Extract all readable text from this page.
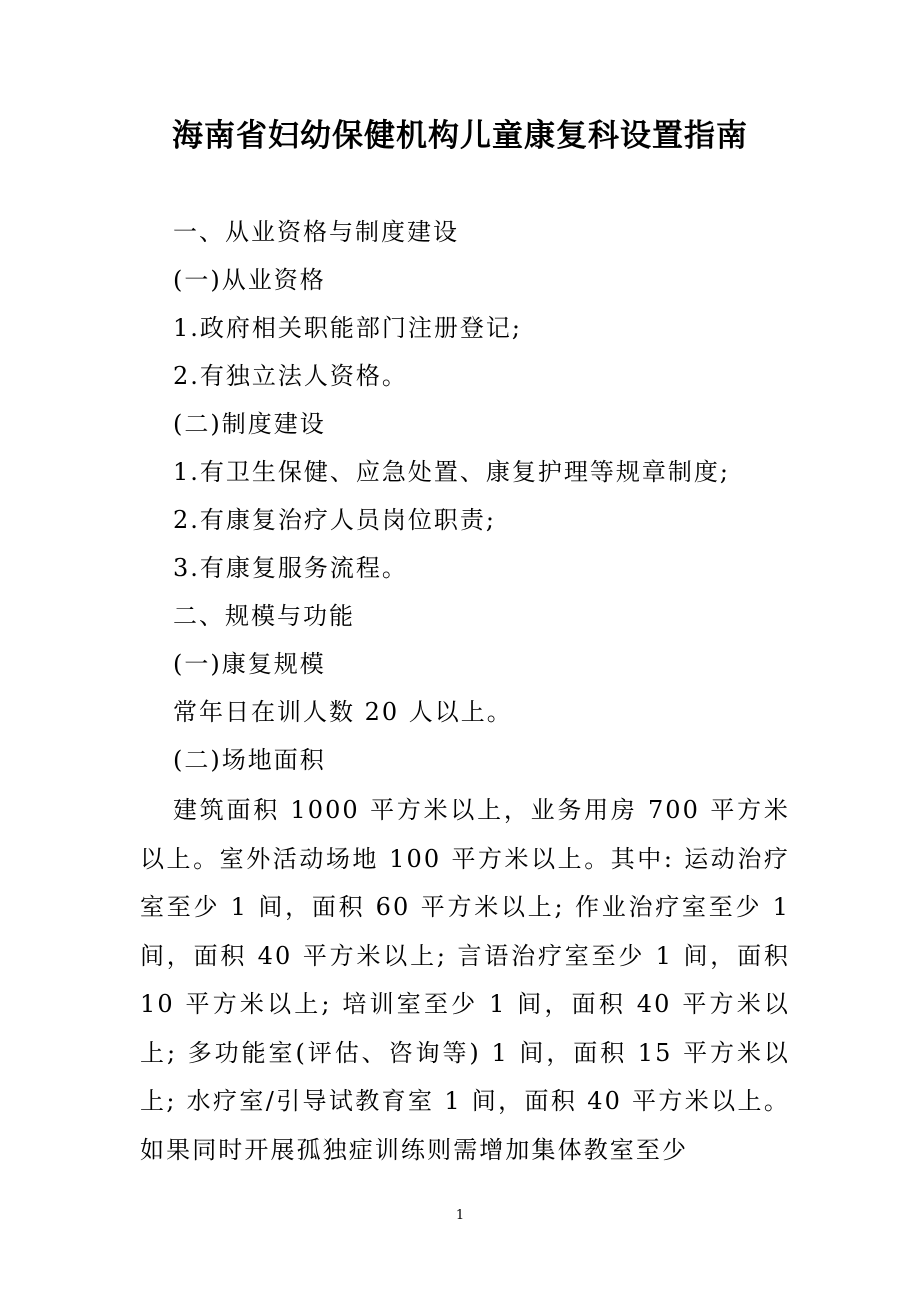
海南省妇幼保健机构儿童康复科设置指南
一、从业资格与制度建设
(一)从业资格
1.政府相关职能部门注册登记;
2.有独立法人资格。
(二)制度建设
1.有卫生保健、应急处置、康复护理等规章制度;
2.有康复治疗人员岗位职责;
3.有康复服务流程。
二、规模与功能
(一)康复规模
常年日在训人数 20 人以上。
(二)场地面积

建筑面积 1000 平方米以上，业务用房 700 平方米以上。室外活动场地 100 平方米以上。其中: 运动治疗室至少 1 间，面积 60 平方米以上; 作业治疗室至少 1 间，面积 40 平方米以上; 言语治疗室至少 1 间，面积 10 平方米以上; 培训室至少 1 间，面积 40 平方米以上; 多功能室(评估、咨询等) 1 间，面积 15 平方米以上; 水疗室/引导试教育室 1 间，面积 40 平方米以上。如果同时开展孤独症训练则需增加集体教室至少

1
